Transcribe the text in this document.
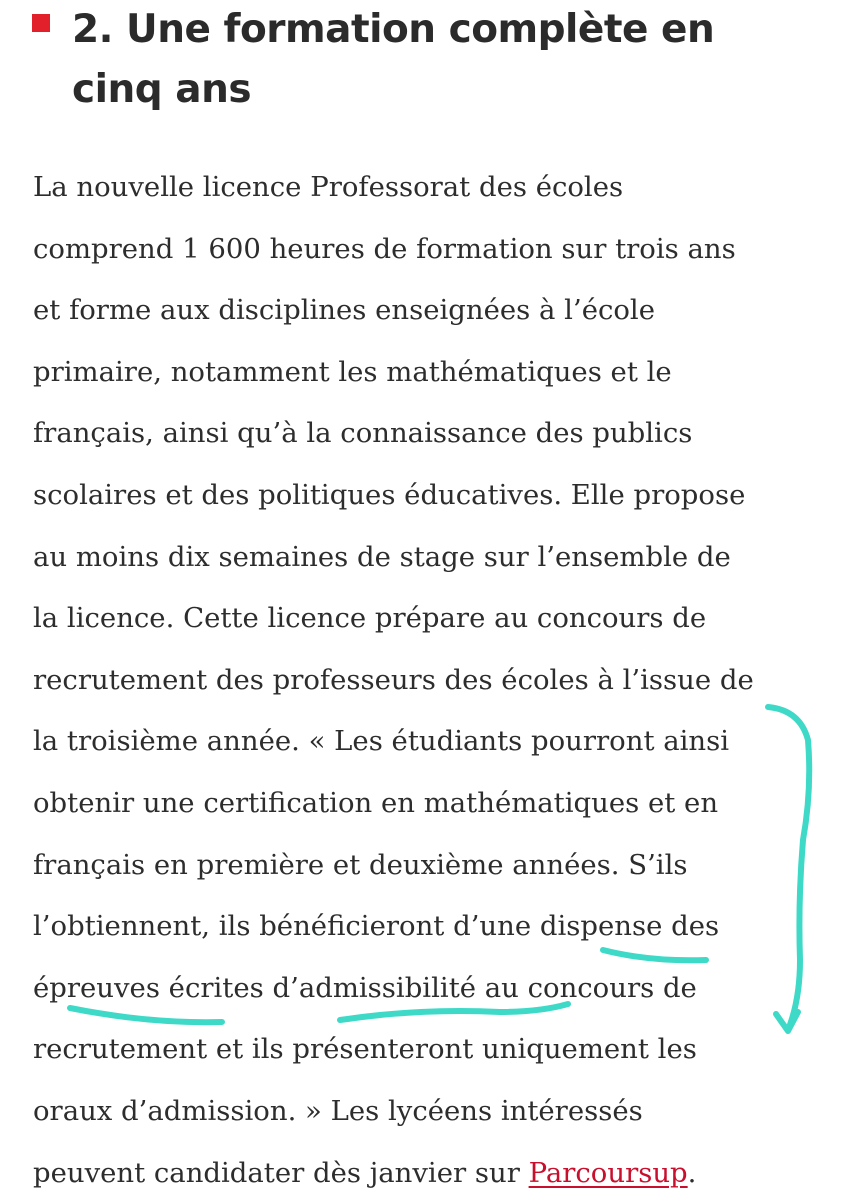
2. Une formation complète en cinq ans
La nouvelle licence Professorat des écoles
comprend 1 600 heures de formation sur trois ans
et forme aux disciplines enseignées à l’école
primaire, notamment les mathématiques et le
français, ainsi qu’à la connaissance des publics
scolaires et des politiques éducatives. Elle propose
au moins dix semaines de stage sur l’ensemble de
la licence. Cette licence prépare au concours de
recrutement des professeurs des écoles à l’issue de
la troisième année. « Les étudiants pourront ainsi
obtenir une certification en mathématiques et en
français en première et deuxième années. S’ils
l’obtiennent, ils bénéficieront d’une dispense des
épreuves écrites d’admissibilité au concours de
recrutement et ils présenteront uniquement les
oraux d’admission. » Les lycéens intéressés
peuvent candidater dès janvier sur Parcoursup.
